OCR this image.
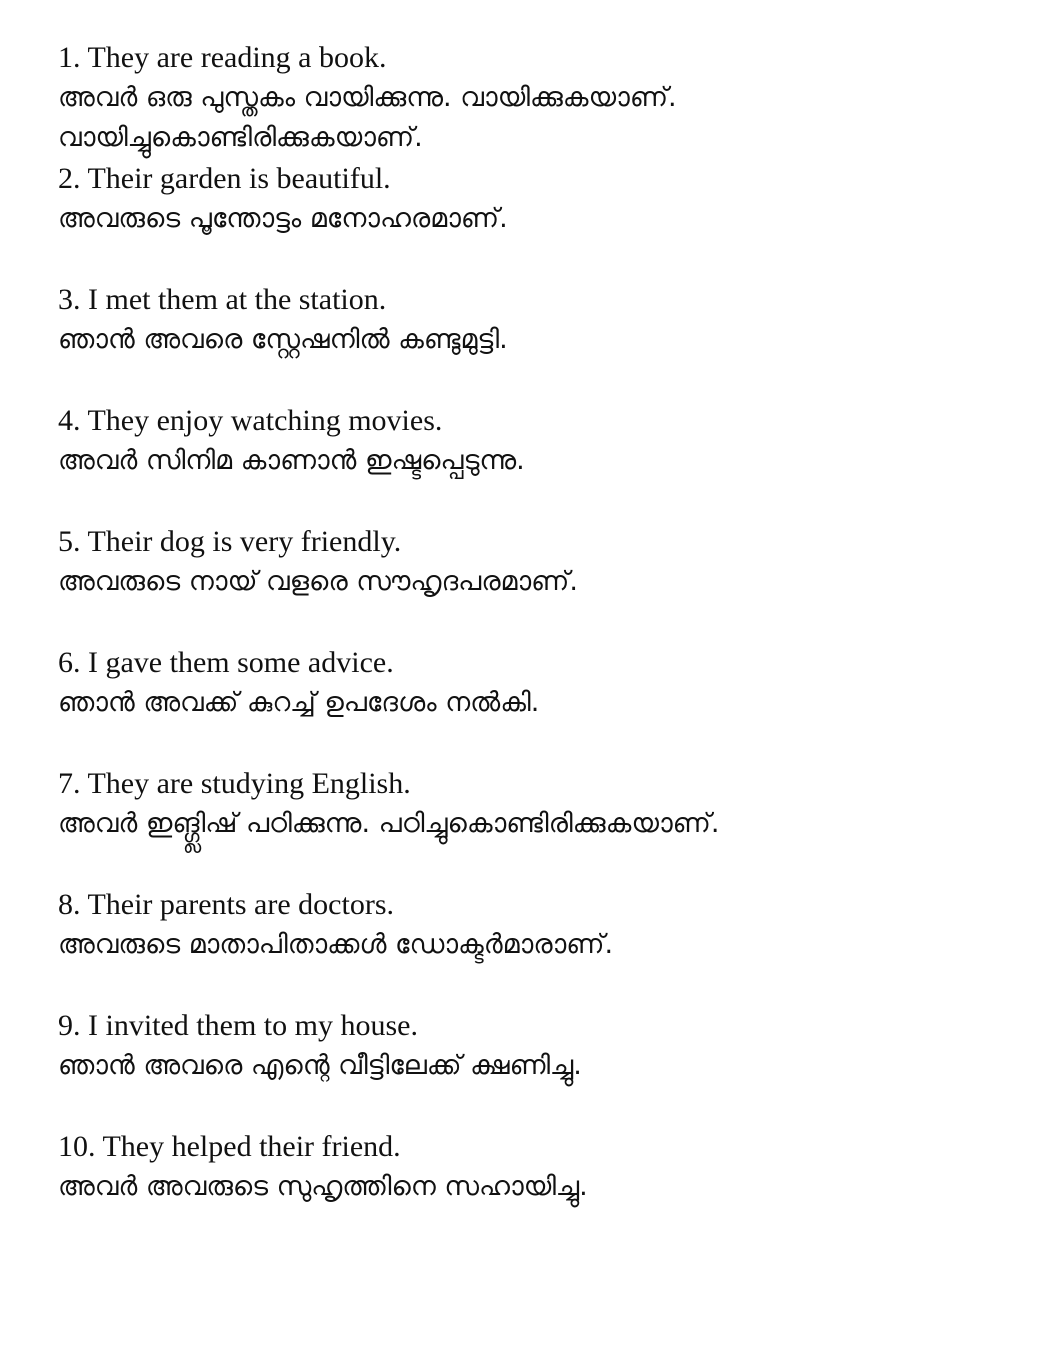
1. They are reading a book.

അവർ ഒരു പുസ്തകം വായിക്കുന്നു. വായിക്കുകയാണ്.

വായിച്ചുകൊണ്ടിരിക്കുകയാണ്.

2. Their garden is beautiful.

അവരുടെ പൂന്തോട്ടം മനോഹരമാണ്.

3. I met them at the station.

ഞാൻ അവരെ സ്റ്റേഷനിൽ കണ്ടുമുട്ടി.

4. They enjoy watching movies.

അവർ സിനിമ കാണാൻ ഇഷ്ടപ്പെടുന്നു.

5. Their dog is very friendly.

അവരുടെ നായ് വളരെ സൗഹൃദപരമാണ്.

6. I gave them some advice.

ഞാൻ അവക്ക് കുറച്ച് ഉപദേശം നൽകി.

7. They are studying English.

അവർ ഇങ്ഗ്ലിഷ് പഠിക്കുന്നു. പഠിച്ചുകൊണ്ടിരിക്കുകയാണ്.

8. Their parents are doctors.

അവരുടെ മാതാപിതാക്കൾ ഡോക്ടർമാരാണ്.

9. I invited them to my house.

ഞാൻ അവരെ എന്റെ വീട്ടിലേക്ക് ക്ഷണിച്ചു.

10. They helped their friend.

അവർ അവരുടെ സുഹൃത്തിനെ സഹായിച്ചു.
